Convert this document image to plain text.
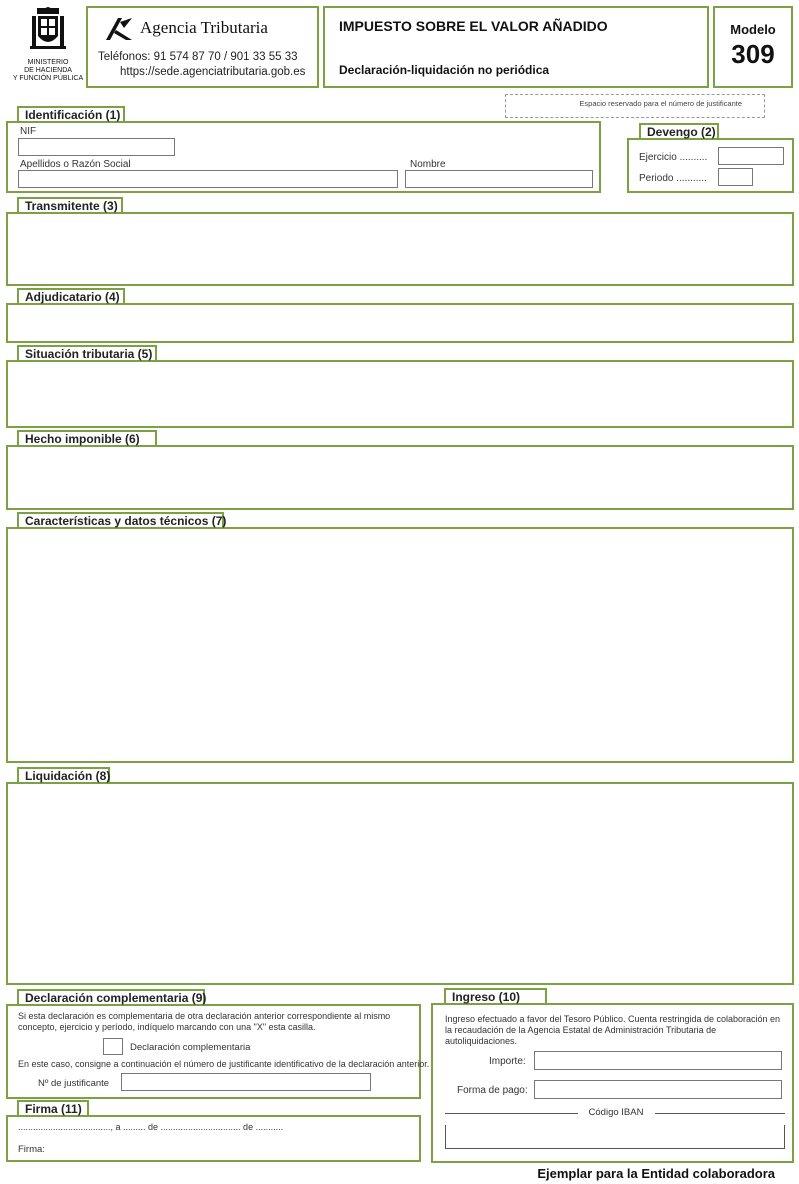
MINISTERIO
DE HACIENDA
Y FUNCIÓN PÚBLICA
Agencia Tributaria
Teléfonos: 91 574 87 70 / 901 33 55 33
https://sede.agenciatributaria.gob.es
IMPUESTO SOBRE EL VALOR AÑADIDO
Declaración-liquidación no periódica
Modelo
309
Espacio reservado para el número de justificante
NIF
Apellidos o Razón Social	Nombre
Identificación (1)
Ejercicio ..........
Periodo ...........
Devengo (2)
Transmitente (3)
Adjudicatario (4)
Situación tributaria (5)
Hecho imponible (6)
Características y datos técnicos (7)
Liquidación (8)
Si esta declaración es complementaria de otra declaración anterior correspondiente al mismo concepto, ejercicio y período, indíquelo marcando con una "X" esta casilla.
Declaración complementaria
En este caso, consigne a continuación el número de justificante identificativo de la declaración anterior.
Nº de justificante
Declaración complementaria (9)
....................................., a ......... de ................................ de ...........
Firma:
Firma (11)
Ingreso efectuado a favor del Tesoro Público. Cuenta restringida de colaboración en la recaudación de la Agencia Estatal de Administración Tributaria de autoliquidaciones.
Importe:
Forma de pago:
Código IBAN
Ingreso (10)
Ejemplar para la Entidad colaboradora
